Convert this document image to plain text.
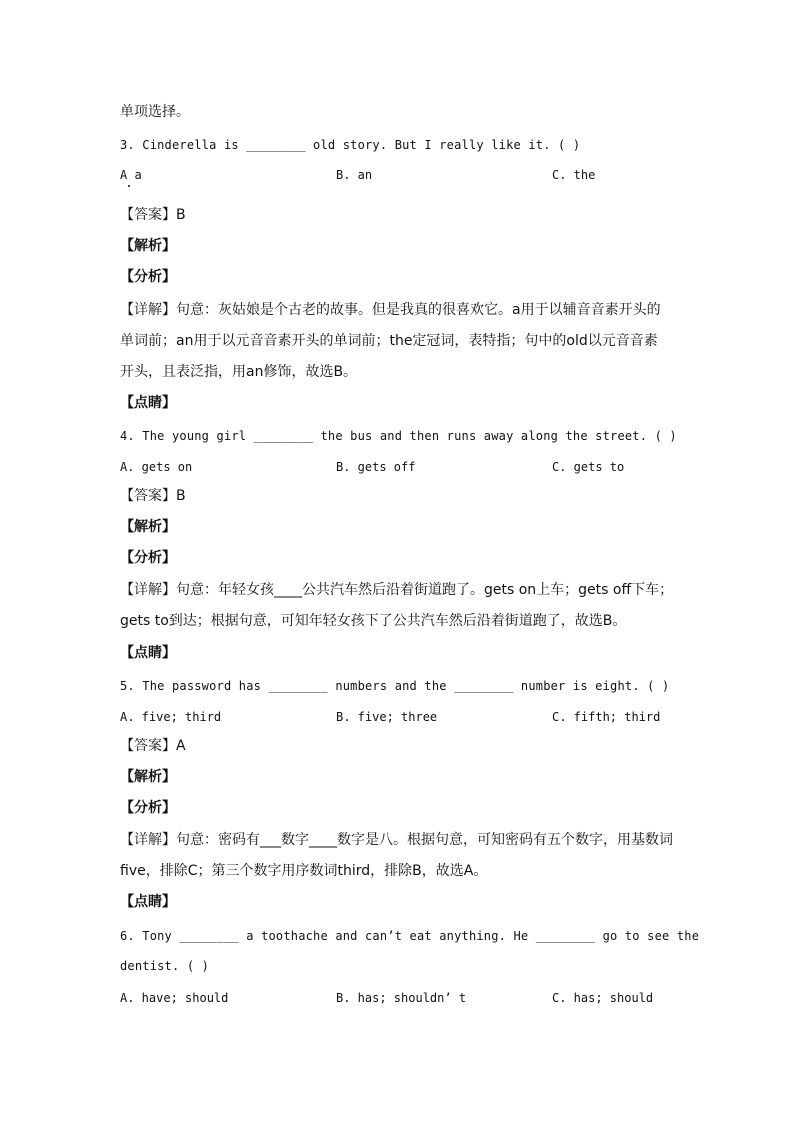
单项选择。
3. Cinderella is ________ old story. But I really like it. ( )
A a	B. an	C. the
【答案】B
【解析】
【分析】
【详解】句意：灰姑娘是个古老的故事。但是我真的很喜欢它。a用于以辅音音素开头的
单词前；an用于以元音音素开头的单词前；the定冠词，表特指；句中的old以元音音素
开头，且表泛指，用an修饰，故选B。
【点睛】
4. The young girl ________ the bus and then runs away along the street. ( )
A. gets on	B. gets off	C. gets to
【答案】B
【解析】
【分析】
【详解】句意：年轻女孩____公共汽车然后沿着街道跑了。gets on上车；gets off下车；
gets to到达；根据句意，可知年轻女孩下了公共汽车然后沿着街道跑了，故选B。
【点睛】
5. The password has ________ numbers and the ________ number is eight. ( )
A. five; third	B. five; three	C. fifth; third
【答案】A
【解析】
【分析】
【详解】句意：密码有___数字____数字是八。根据句意，可知密码有五个数字，用基数词
five，排除C；第三个数字用序数词third，排除B，故选A。
【点睛】
6. Tony ________ a toothache and can’t eat anything. He ________ go to see the
dentist. ( )
A. have; should	B. has; shouldn’ t	C. has; should
